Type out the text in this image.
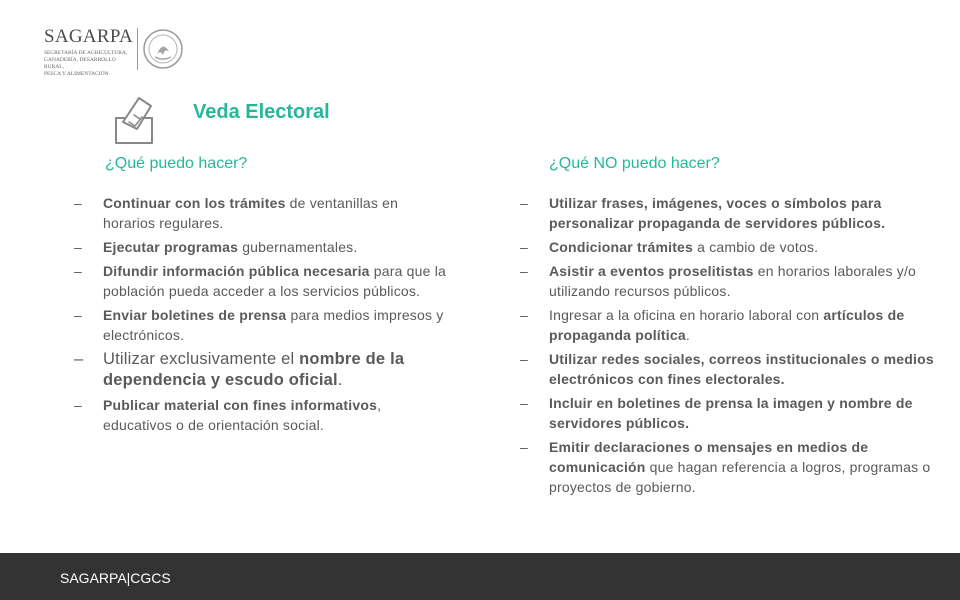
SAGARPA
SECRETARÍA DE AGRICULTURA,
GANADERÍA, DESARROLLO RURAL,
PESCA Y ALIMENTACIÓN
Veda Electoral
¿Qué puedo hacer?	¿Qué NO puedo hacer?
– Continuar con los trámites de ventanillas en horarios regulares.
– Ejecutar programas gubernamentales.
– Difundir información pública necesaria para que la población pueda acceder a los servicios públicos.
– Enviar boletines de prensa para medios impresos y electrónicos.
– Utilizar exclusivamente el nombre de la dependencia y escudo oficial.
– Publicar material con fines informativos, educativos o de orientación social.
– Utilizar frases, imágenes, voces o símbolos para personalizar propaganda de servidores públicos.
– Condicionar trámites a cambio de votos.
– Asistir a eventos proselitistas en horarios laborales y/o utilizando recursos públicos.
– Ingresar a la oficina en horario laboral con artículos de propaganda política.
– Utilizar redes sociales, correos institucionales o medios electrónicos con fines electorales.
– Incluir en boletines de prensa la imagen y nombre de servidores públicos.
– Emitir declaraciones o mensajes en medios de comunicación que hagan referencia a logros, programas o proyectos de gobierno.
SAGARPA|CGCS
